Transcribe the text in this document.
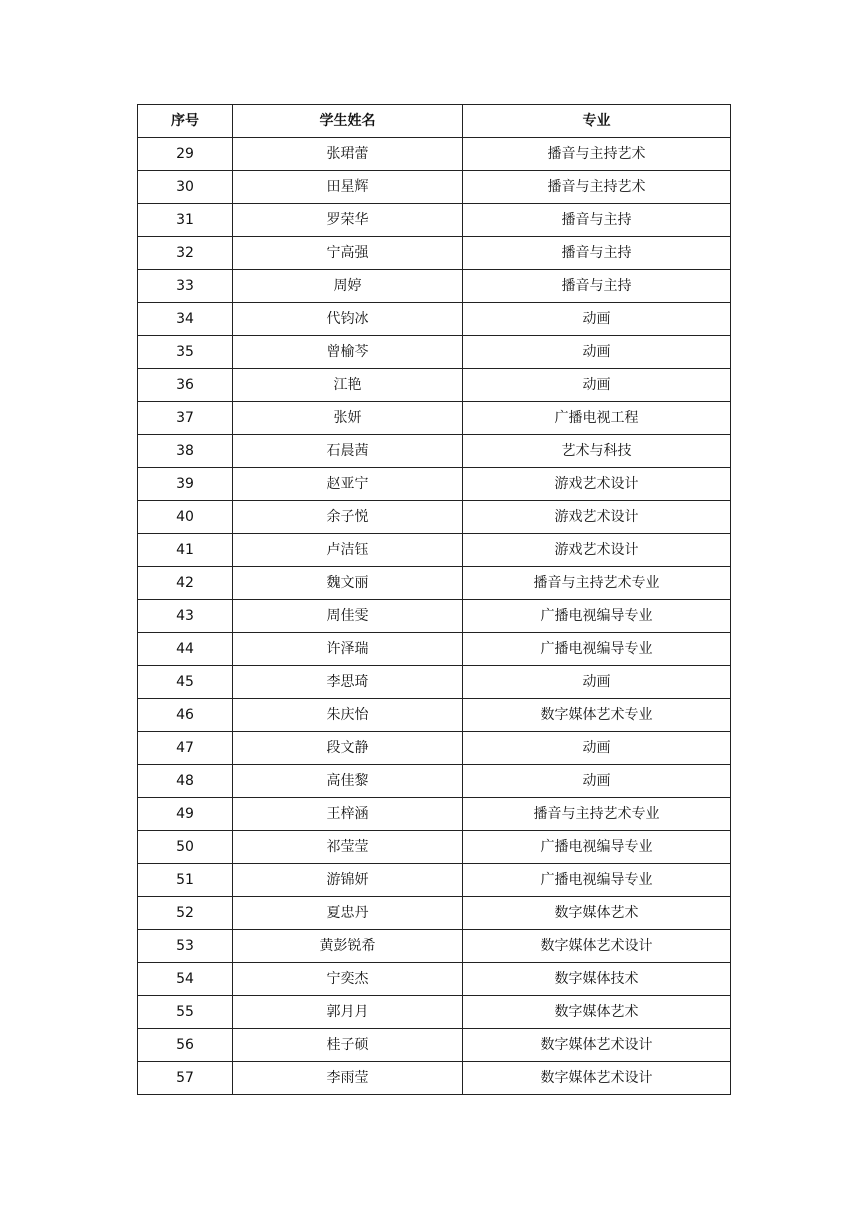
序号	学生姓名	专业
29	张珺蕾	播音与主持艺术
30	田星辉	播音与主持艺术
31	罗荣华	播音与主持
32	宁高强	播音与主持
33	周婷	播音与主持
34	代钧冰	动画
35	曾榆芩	动画
36	江艳	动画
37	张妍	广播电视工程
38	石晨茜	艺术与科技
39	赵亚宁	游戏艺术设计
40	余子悦	游戏艺术设计
41	卢洁钰	游戏艺术设计
42	魏文丽	播音与主持艺术专业
43	周佳雯	广播电视编导专业
44	许泽瑞	广播电视编导专业
45	李思琦	动画
46	朱庆怡	数字媒体艺术专业
47	段文静	动画
48	高佳黎	动画
49	王梓涵	播音与主持艺术专业
50	祁莹莹	广播电视编导专业
51	游锦妍	广播电视编导专业
52	夏忠丹	数字媒体艺术
53	黄彭锐希	数字媒体艺术设计
54	宁奕杰	数字媒体技术
55	郭月月	数字媒体艺术
56	桂子硕	数字媒体艺术设计
57	李雨莹	数字媒体艺术设计
